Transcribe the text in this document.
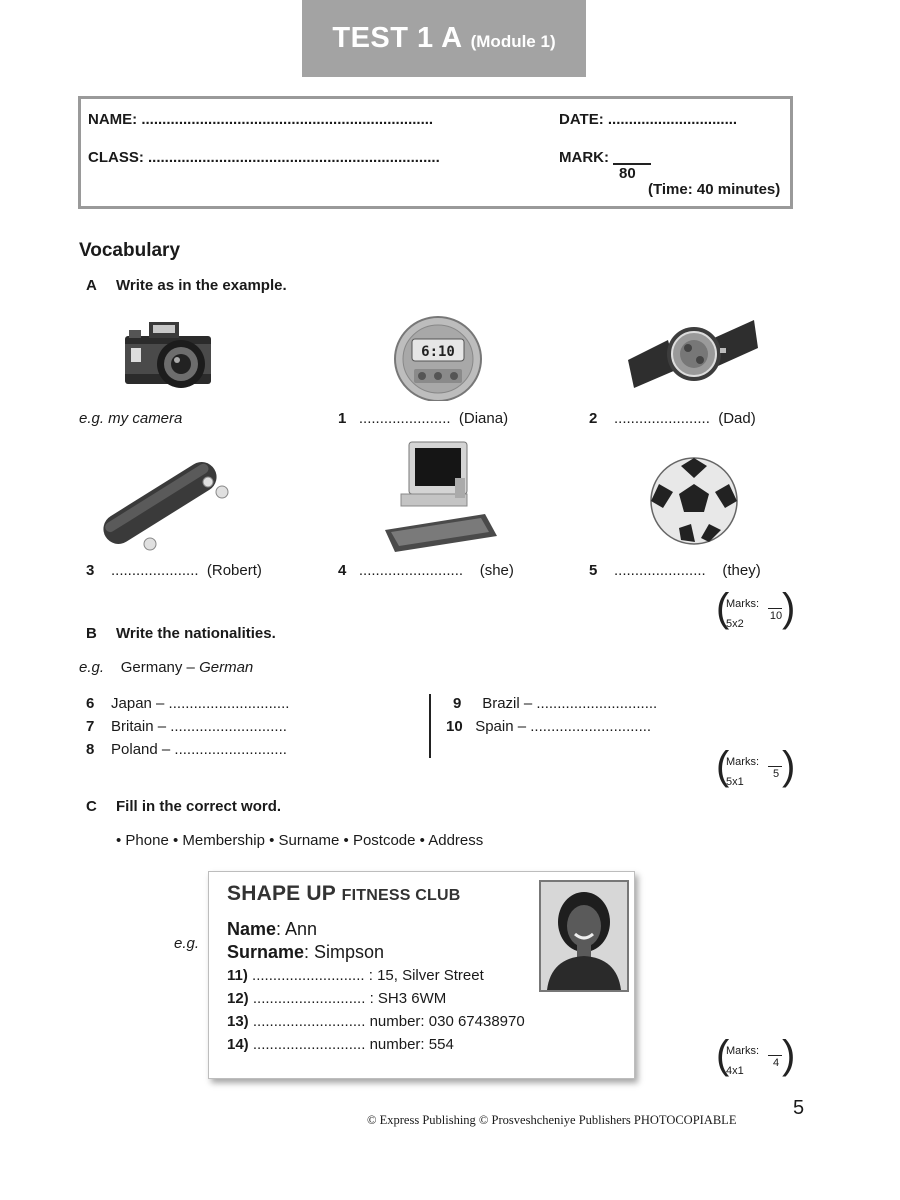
TEST 1 A (Module 1)
NAME: ......................................................................	DATE: ...............................
CLASS: ......................................................................	MARK:
80
(Time: 40 minutes)
Vocabulary
A Write as in the example.
6:10
e.g. my camera	1 ...................... (Diana)	2 ....................... (Dad)
3 ..................... (Robert)	4 ......................... (she)	5 ...................... (they)
(
Marks:
10
5x2 )
B Write the nationalities.
e.g. Germany – German
6 Japan – .............................
7 Britain – ............................
8 Poland – ...........................
9 Brazil – .............................
10 Spain – .............................
(
Marks:
5
5x1 )
C Fill in the correct word.
• Phone • Membership • Surname • Postcode • Address
e.g.
SHAPE UP FITNESS CLUB
Name: Ann
Surname: Simpson
11) ........................... : 15, Silver Street
12) ........................... : SH3 6WM
13) ........................... number: 030 67438970
14) ........................... number: 554	(
Marks:
4
4x1 )
© Express Publishing © Prosveshcheniye Publishers PHOTOCOPIABLE
5
